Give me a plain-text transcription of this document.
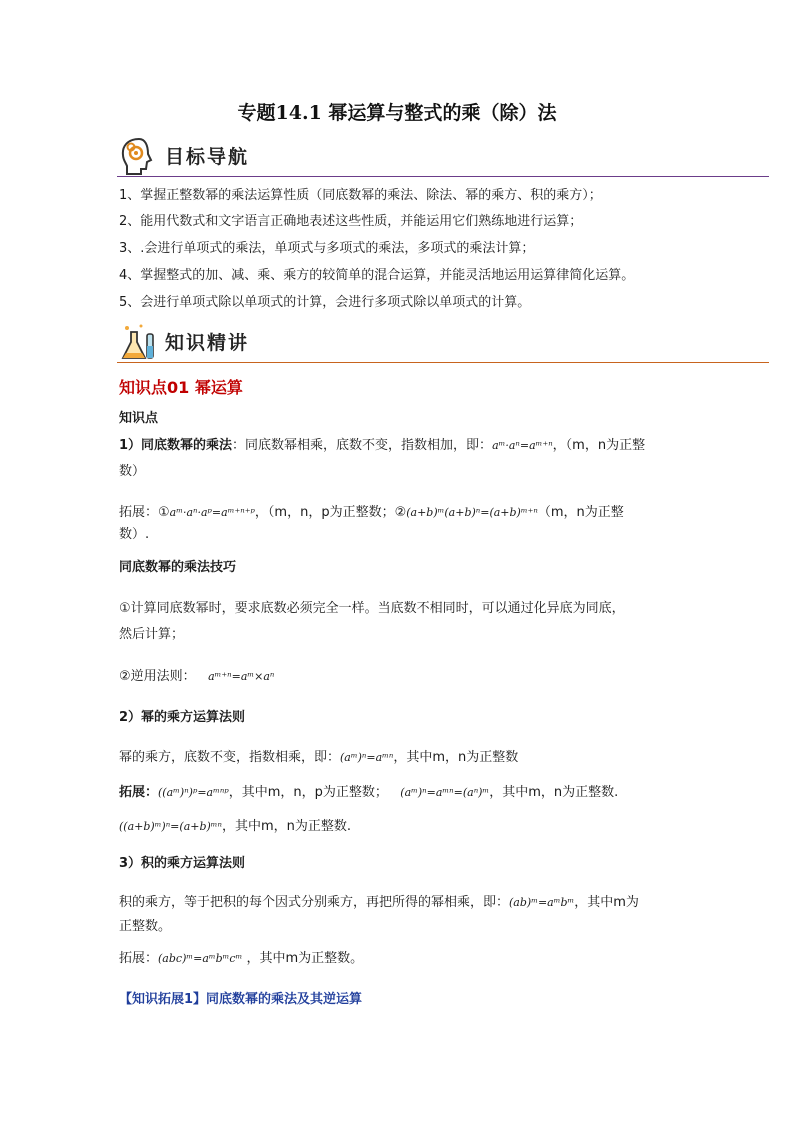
专题14.1 幂运算与整式的乘（除）法
目标导航
1、掌握正整数幂的乘法运算性质（同底数幂的乘法、除法、幂的乘方、积的乘方）；
2、能用代数式和文字语言正确地表述这些性质，并能运用它们熟练地进行运算；
3、.会进行单项式的乘法，单项式与多项式的乘法，多项式的乘法计算；
4、掌握整式的加、减、乘、乘方的较简单的混合运算，并能灵活地运用运算律简化运算。
5、会进行单项式除以单项式的计算，会进行多项式除以单项式的计算。
知识精讲
知识点01 幂运算
知识点
1）同底数幂的乘法：同底数幂相乘，底数不变，指数相加，即：aᵐ·aⁿ=aᵐ⁺ⁿ，（m，n为正整
数）
拓展：①aᵐ·aⁿ·aᵖ=aᵐ⁺ⁿ⁺ᵖ，（m，n，p为正整数；②(a+b)ᵐ(a+b)ⁿ=(a+b)ᵐ⁺ⁿ（m，n为正整
数）.
同底数幂的乘法技巧
①计算同底数幂时，要求底数必须完全一样。当底数不相同时，可以通过化异底为同底，
然后计算；
②逆用法则： aᵐ⁺ⁿ=aᵐ×aⁿ
2）幂的乘方运算法则
幂的乘方，底数不变，指数相乘，即：(aᵐ)ⁿ=aᵐⁿ，其中m，n为正整数
拓展：((aᵐ)ⁿ)ᵖ=aᵐⁿᵖ，其中m，n，p为正整数； (aᵐ)ⁿ=aᵐⁿ=(aⁿ)ᵐ，其中m，n为正整数.
((a+b)ᵐ)ⁿ=(a+b)ᵐⁿ，其中m，n为正整数.
3）积的乘方运算法则
积的乘方，等于把积的每个因式分别乘方，再把所得的幂相乘，即：(ab)ᵐ=aᵐbᵐ，其中m为
正整数。
拓展：(abc)ᵐ=aᵐbᵐcᵐ ，其中m为正整数。
【知识拓展1】同底数幂的乘法及其逆运算
